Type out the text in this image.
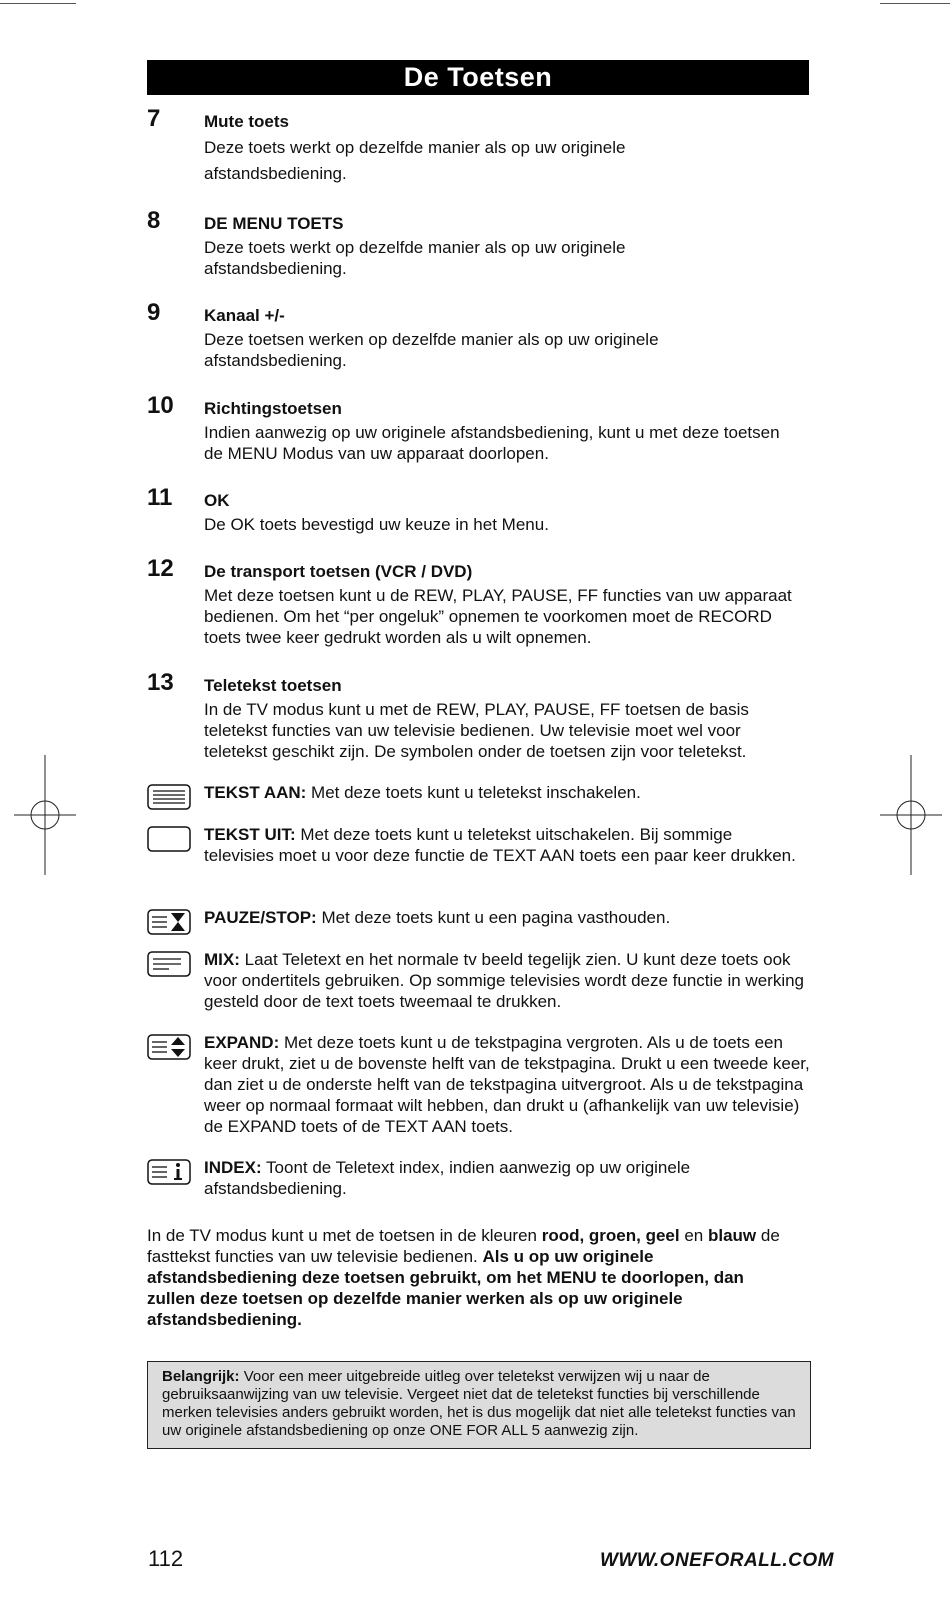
De Toetsen
7	Mute toets
Deze toets werkt op dezelfde manier als op uw originele afstandsbediening.
8	DE MENU TOETS
Deze toets werkt op dezelfde manier als op uw originele afstandsbediening.
9	Kanaal +/-
Deze toetsen werken op dezelfde manier als op uw originele afstandsbediening.
10	Richtingstoetsen
Indien aanwezig op uw originele afstandsbediening, kunt u met deze toetsen de MENU Modus van uw apparaat doorlopen.
11	OK
De OK toets bevestigd uw keuze in het Menu.
12	De transport toetsen (VCR / DVD)
Met deze toetsen kunt u de REW, PLAY, PAUSE, FF functies van uw apparaat bedienen. Om het “per ongeluk” opnemen te voorkomen moet de RECORD toets twee keer gedrukt worden als u wilt opnemen.
13	Teletekst toetsen
In de TV modus kunt u met de REW, PLAY, PAUSE, FF toetsen de basis teletekst functies van uw televisie bedienen. Uw televisie moet wel voor teletekst geschikt zijn. De symbolen onder de toetsen zijn voor teletekst.
TEKST AAN: Met deze toets kunt u teletekst inschakelen.
TEKST UIT: Met deze toets kunt u teletekst uitschakelen. Bij sommige televisies moet u voor deze functie de TEXT AAN toets een paar keer drukken.
PAUZE/STOP: Met deze toets kunt u een pagina vasthouden.
MIX: Laat Teletext en het normale tv beeld tegelijk zien. U kunt deze toets ook voor ondertitels gebruiken. Op sommige televisies wordt deze functie in werking gesteld door de text toets tweemaal te drukken.
EXPAND: Met deze toets kunt u de tekstpagina vergroten. Als u de toets een keer drukt, ziet u de bovenste helft van de tekstpagina. Drukt u een tweede keer, dan ziet u de onderste helft van de tekstpagina uitvergroot. Als u de tekstpagina weer op normaal formaat wilt hebben, dan drukt u (afhankelijk van uw televisie) de EXPAND toets of de TEXT AAN toets.
INDEX: Toont de Teletext index, indien aanwezig op uw originele afstandsbediening.
In de TV modus kunt u met de toetsen in de kleuren rood, groen, geel en blauw de fasttekst functies van uw televisie bedienen. Als u op uw originele afstandsbediening deze toetsen gebruikt, om het MENU te doorlopen, dan zullen deze toetsen op dezelfde manier werken als op uw originele afstandsbediening.
Belangrijk: Voor een meer uitgebreide uitleg over teletekst verwijzen wij u naar de gebruiksaanwijzing van uw televisie. Vergeet niet dat de teletekst functies bij verschillende merken televisies anders gebruikt worden, het is dus mogelijk dat niet alle teletekst functies van uw originele afstandsbediening op onze ONE FOR ALL 5 aanwezig zijn.
112	WWW.ONEFORALL.COM
